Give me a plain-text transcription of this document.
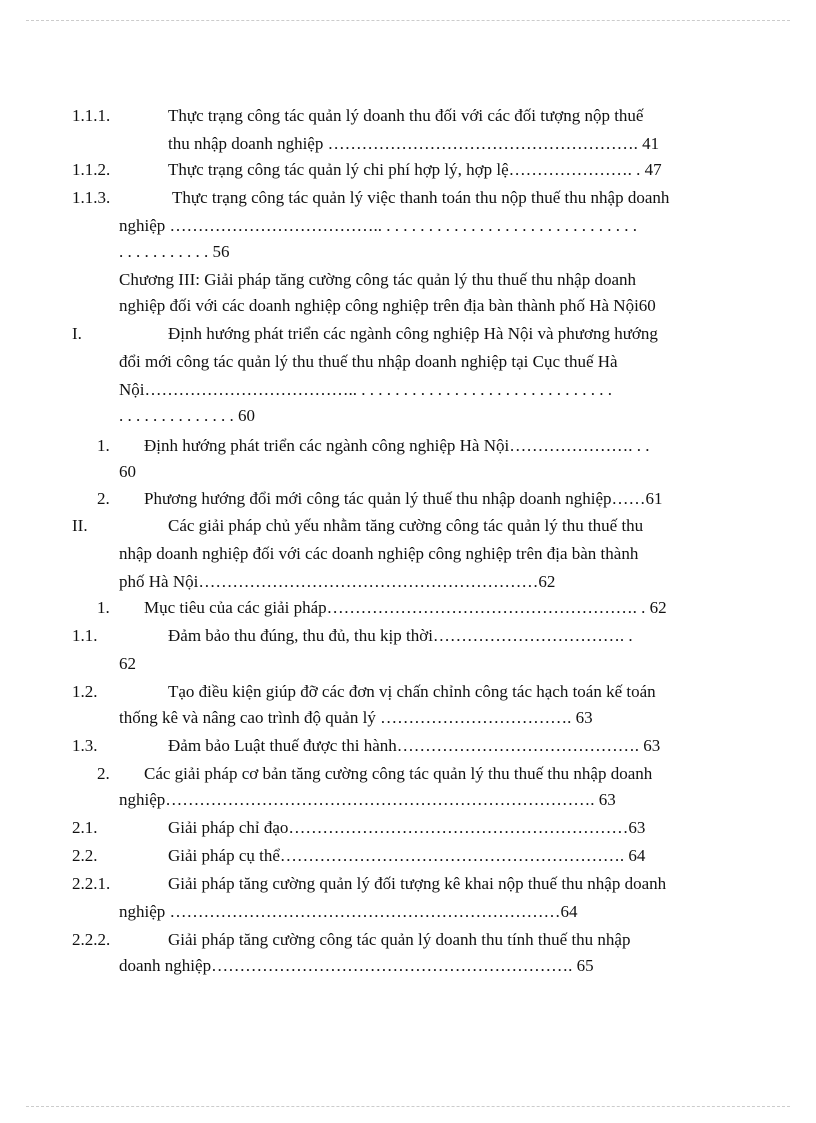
1.1.1.	Thực trạng công tác quản lý doanh thu đối với các đối tượng nộp thuế
thu nhập doanh nghiệp ………………………………………………. 41
1.1.2.	Thực trạng công tác quản lý chi phí hợp lý, hợp lệ…………………. . 47
1.1.3.	Thực trạng công tác quản lý việc thanh toán thu nộp thuế thu nhập doanh
nghiệp ……………………………….. . . . . . . . . . . . . . . . . . . . . . . . . . . . . . .
. . . . . . . . . . . 56
Chương III: Giải pháp tăng cường công tác quản lý thu thuế thu nhập doanh
nghiệp đối với các doanh nghiệp công nghiệp trên địa bàn thành phố Hà Nội60
I.	Định hướng phát triển các ngành công nghiệp Hà Nội và phương hướng
đổi mới công tác quản lý thu thuế thu nhập doanh nghiệp tại Cục thuế Hà
Nội……………………………….. . . . . . . . . . . . . . . . . . . . . . . . . . . . . . .
. . . . . . . . . . . . . . 60
1. Định hướng phát triển các ngành công nghiệp Hà Nội…………………. . .
60
2. Phương hướng đổi mới công tác quản lý thuế thu nhập doanh nghiệp……61
II.	Các giải pháp chủ yếu nhằm tăng cường công tác quản lý thu thuế thu
nhập doanh nghiệp đối với các doanh nghiệp công nghiệp trên địa bàn thành
phố Hà Nội……………………………………………………62
1. Mục tiêu của các giải pháp………………………………………………. . 62
1.1.	Đảm bảo thu đúng, thu đủ, thu kịp thời……………………………. .
62
1.2.	Tạo điều kiện giúp đỡ các đơn vị chấn chỉnh công tác hạch toán kế toán
thống kê và nâng cao trình độ quản lý ……………………………. 63
1.3.	Đảm bảo Luật thuế được thi hành……………………………………. 63
2. Các giải pháp cơ bản tăng cường công tác quản lý thu thuế thu nhập doanh
nghiệp…………………………………………………………………. 63
2.1.	Giải pháp chỉ đạo……………………………………………………63
2.2.	Giải pháp cụ thể……………………………………………………. 64
2.2.1.	Giải pháp tăng cường quản lý đối tượng kê khai nộp thuế thu nhập doanh
nghiệp ……………………………………………………………64
2.2.2.	Giải pháp tăng cường công tác quản lý doanh thu tính thuế thu nhập
doanh nghiệp………………………………………………………. 65
